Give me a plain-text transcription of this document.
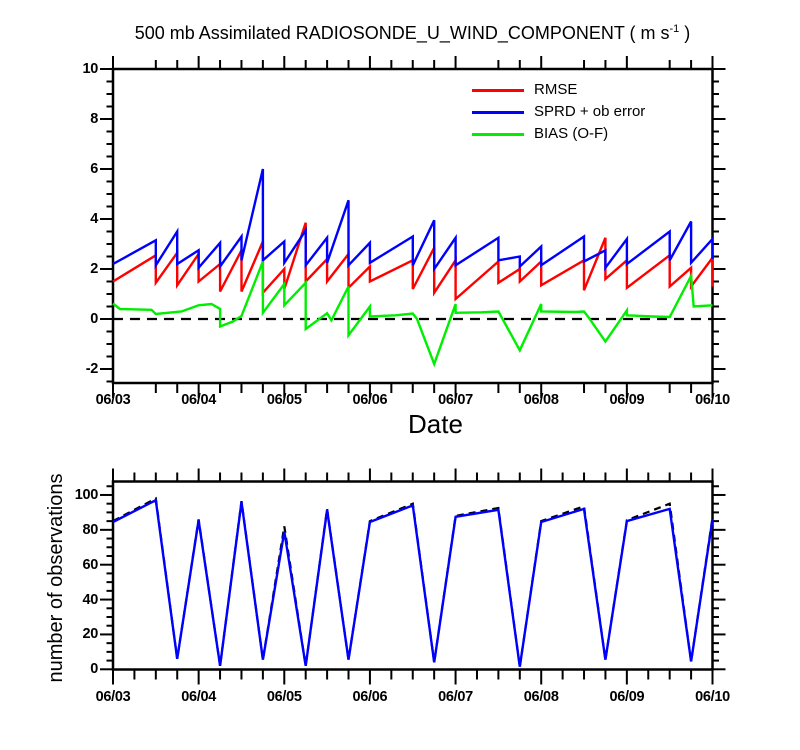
500 mb Assimilated RADIOSONDE_U_WIND_COMPONENT ( m $s^{-1}$ )
RMSE
SPRD + ob error
BIAS (O-F)
Date
number of observations
-2
0
2
4
6
8
10
06/03	06/04	06/05	06/06	06/07	06/08	06/09	06/10
0
20
40
60
80
100
06/03	06/04	06/05	06/06	06/07	06/08	06/09	06/10
